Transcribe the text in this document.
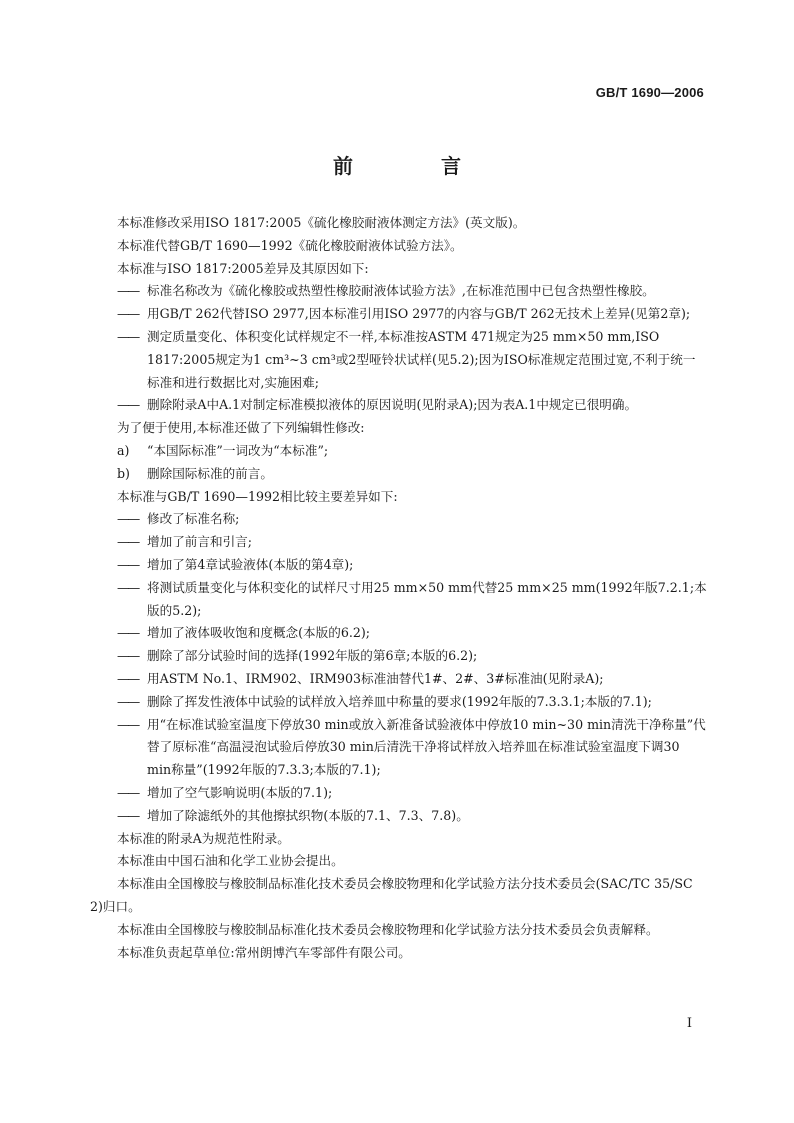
GB/T 1690—2006
前　言

本标准修改采用ISO 1817:2005《硫化橡胶耐液体测定方法》(英文版)。

本标准代替GB/T 1690—1992《硫化橡胶耐液体试验方法》。

本标准与ISO 1817:2005差异及其原因如下:

—— 标准名称改为《硫化橡胶或热塑性橡胶耐液体试验方法》,在标准范围中已包含热塑性橡胶。

—— 用GB/T 262代替ISO 2977,因本标准引用ISO 2977的内容与GB/T 262无技术上差异(见第2章);

—— 测定质量变化、体积变化试样规定不一样,本标准按ASTM 471规定为25 mm×50 mm,ISO 1817:2005规定为1 cm³~3 cm³或2型哑铃状试样(见5.2);因为ISO标准规定范围过宽,不利于统一标准和进行数据比对,实施困难;

—— 删除附录A中A.1对制定标准模拟液体的原因说明(见附录A);因为表A.1中规定已很明确。

为了便于使用,本标准还做了下列编辑性修改:

a) “本国际标准”一词改为“本标准”;

b) 删除国际标准的前言。

本标准与GB/T 1690—1992相比较主要差异如下:

—— 修改了标准名称;

—— 增加了前言和引言;

—— 增加了第4章试验液体(本版的第4章);

—— 将测试质量变化与体积变化的试样尺寸用25 mm×50 mm代替25 mm×25 mm(1992年版7.2.1;本版的5.2);

—— 增加了液体吸收饱和度概念(本版的6.2);

—— 删除了部分试验时间的选择(1992年版的第6章;本版的6.2);

—— 用ASTM No.1、IRM902、IRM903标准油替代1#、2#、3#标准油(见附录A);

—— 删除了挥发性液体中试验的试样放入培养皿中称量的要求(1992年版的7.3.3.1;本版的7.1);

—— 用“在标准试验室温度下停放30 min或放入新准备试验液体中停放10 min~30 min清洗干净称量”代替了原标准“高温浸泡试验后停放30 min后清洗干净将试样放入培养皿在标准试验室温度下调30 min称量”(1992年版的7.3.3;本版的7.1);

—— 增加了空气影响说明(本版的7.1);

—— 增加了除滤纸外的其他擦拭织物(本版的7.1、7.3、7.8)。

本标准的附录A为规范性附录。

本标准由中国石油和化学工业协会提出。

本标准由全国橡胶与橡胶制品标准化技术委员会橡胶物理和化学试验方法分技术委员会(SAC/TC 35/SC 2)归口。

本标准由全国橡胶与橡胶制品标准化技术委员会橡胶物理和化学试验方法分技术委员会负责解释。

本标准负责起草单位:常州朗博汽车零部件有限公司。

I
